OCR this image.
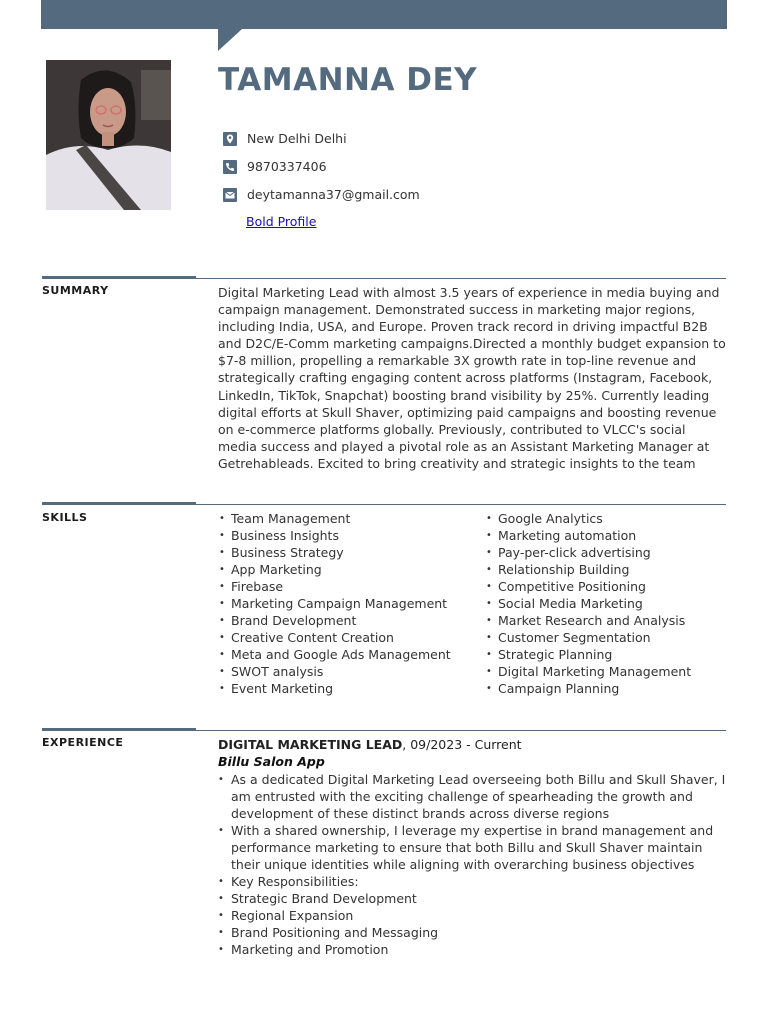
TAMANNA DEY
New Delhi Delhi
9870337406
deytamanna37@gmail.com
Bold Profile
SUMMARY	Digital Marketing Lead with almost 3.5 years of experience in media buying and campaign management. Demonstrated success in marketing major regions, including India, USA, and Europe. Proven track record in driving impactful B2B and D2C/E-Comm marketing campaigns.Directed a monthly budget expansion to $7-8 million, propelling a remarkable 3X growth rate in top-line revenue and strategically crafting engaging content across platforms (Instagram, Facebook, LinkedIn, TikTok, Snapchat) boosting brand visibility by 25%. Currently leading digital efforts at Skull Shaver, optimizing paid campaigns and boosting revenue on e-commerce platforms globally. Previously, contributed to VLCC's social media success and played a pivotal role as an Assistant Marketing Manager at Getrehableads. Excited to bring creativity and strategic insights to the team

SKILLS
•	Team Management
• Business Insights
• Business Strategy
• App Marketing
• Firebase
• Marketing Campaign Management
• Brand Development
• Creative Content Creation
• Meta and Google Ads Management
• SWOT analysis
• Event Marketing
• Google Analytics
• Marketing automation
• Pay-per-click advertising
• Relationship Building
• Competitive Positioning
• Social Media Marketing
• Market Research and Analysis
• Customer Segmentation
• Strategic Planning
• Digital Marketing Management
• Campaign Planning
EXPERIENCE	DIGITAL MARKETING LEAD, 09/2023 - Current
Billu Salon App
• As a dedicated Digital Marketing Lead overseeing both Billu and Skull Shaver, I am entrusted with the exciting challenge of spearheading the growth and development of these distinct brands across diverse regions
• With a shared ownership, I leverage my expertise in brand management and performance marketing to ensure that both Billu and Skull Shaver maintain their unique identities while aligning with overarching business objectives
• Key Responsibilities:
• Strategic Brand Development
• Regional Expansion
• Brand Positioning and Messaging
• Marketing and Promotion
